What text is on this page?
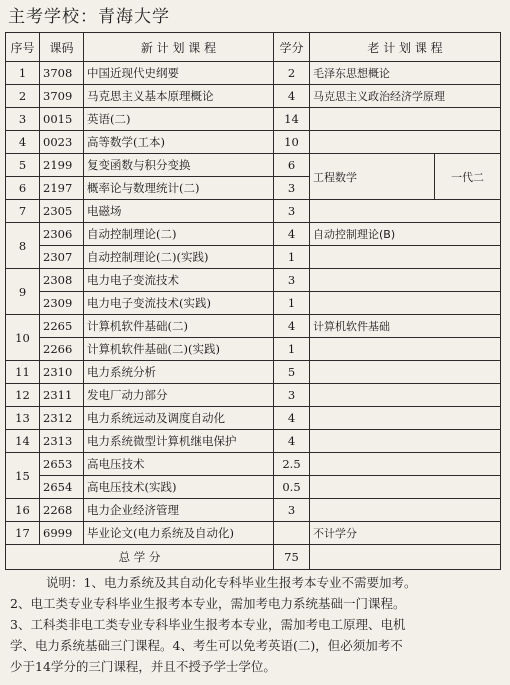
主考学校：青海大学
序号	课码	新 计 划 课 程	学分	老 计 划 课 程	
1	3708	中国近现代史纲要	2	毛泽东思想概论	
2	3709	马克思主义基本原理概论	4	马克思主义政治经济学原理	
3	0015	英语(二)	14		
4	0023	高等数学(工本)	10		
5	2199	复变函数与积分变换	6	工程数学	一代二
6	2197	概率论与数理统计(二)	3		
7	2305	电磁场	3		
8	2306	自动控制理论(二)	4	自动控制理论(B)	
	2307	自动控制理论(二)(实践)	1		
9	2308	电力电子变流技术	3		
	2309	电力电子变流技术(实践)	1		
10	2265	计算机软件基础(二)	4	计算机软件基础	
	2266	计算机软件基础(二)(实践)	1		
11	2310	电力系统分析	5		
12	2311	发电厂动力部分	3		
13	2312	电力系统远动及调度自动化	4		
14	2313	电力系统微型计算机继电保护	4		
15	2653	高电压技术	2.5		
	2654	高电压技术(实践)	0.5		
16	2268	电力企业经济管理	3		
17	6999	毕业论文(电力系统及自动化)		不计学分	
总 学 分			75		

说明：1、电力系统及其自动化专科毕业生报考本专业不需要加考。

2、电工类专业专科毕业生报考本专业，需加考电力系统基础一门课程。

3、工科类非电工类专业专科毕业生报考本专业，需加考电工原理、电机

学、电力系统基础三门课程。4、考生可以免考英语(二)，但必须加考不

少于14学分的三门课程，并且不授予学士学位。
